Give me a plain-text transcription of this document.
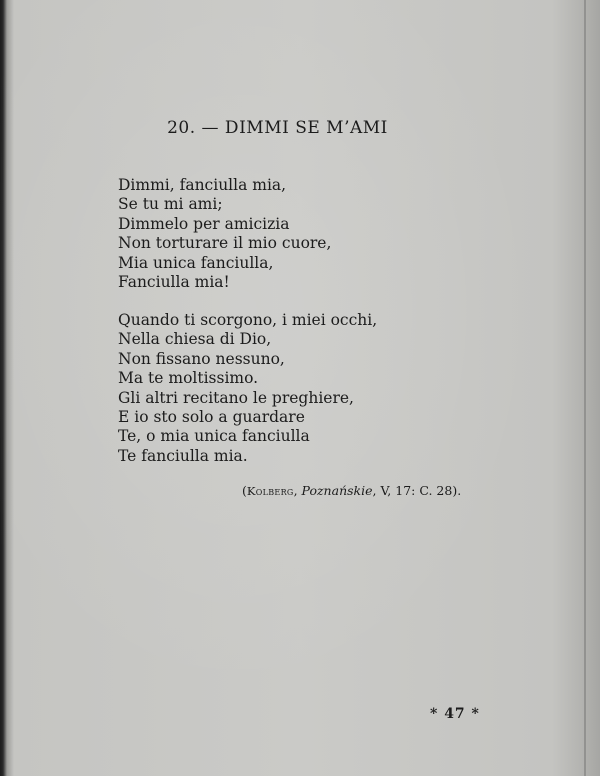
20. — DIMMI SE M’AMI
Dimmi, fanciulla mia,
Se tu mi ami;
Dimmelo per amicizia
Non torturare il mio cuore,
Mia unica fanciulla,
Fanciulla mia!
Quando ti scorgono, i miei occhi,
Nella chiesa di Dio,
Non fissano nessuno,
Ma te moltissimo.
Gli altri recitano le preghiere,
E io sto solo a guardare
Te, o mia unica fanciulla
Te fanciulla mia.
(Kolberg, Poznańskie, V, 17: C. 28).
* 47 *
